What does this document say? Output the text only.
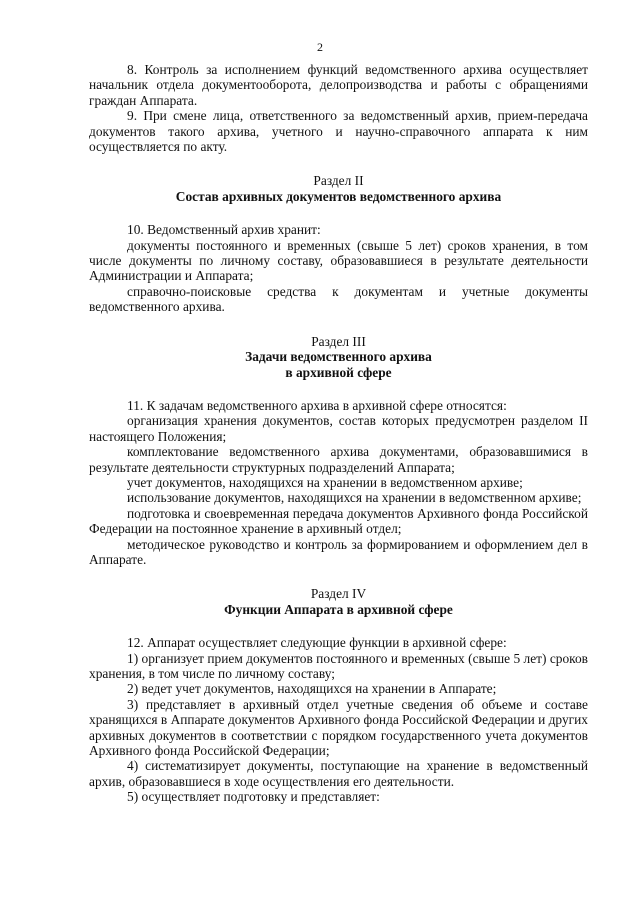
2

8. Контроль за исполнением функций ведомственного архива осуществляет начальник отдела документооборота, делопроизводства и работы с обращениями граждан Аппарата.

9. При смене лица, ответственного за ведомственный архив, прием-передача документов такого архива, учетного и научно-справочного аппарата к ним осуществляется по акту.

Раздел II
Состав архивных документов ведомственного архива

10. Ведомственный архив хранит:

документы постоянного и временных (свыше 5 лет) сроков хранения, в том числе документы по личному составу, образовавшиеся в результате деятельности Администрации и Аппарата;

справочно-поисковые средства к документам и учетные документы ведомственного архива.

Раздел III
Задачи ведомственного архива
в архивной сфере

11. К задачам ведомственного архива в архивной сфере относятся:

организация хранения документов, состав которых предусмотрен разделом II настоящего Положения;

комплектование ведомственного архива документами, образовавшимися в результате деятельности структурных подразделений Аппарата;

учет документов, находящихся на хранении в ведомственном архиве;

использование документов, находящихся на хранении в ведомственном архиве;

подготовка и своевременная передача документов Архивного фонда Российской Федерации на постоянное хранение в архивный отдел;

методическое руководство и контроль за формированием и оформлением дел в Аппарате.

Раздел IV
Функции Аппарата в архивной сфере

12. Аппарат осуществляет следующие функции в архивной сфере:

1) организует прием документов постоянного и временных (свыше 5 лет) сроков хранения, в том числе по личному составу;

2) ведет учет документов, находящихся на хранении в Аппарате;

3) представляет в архивный отдел учетные сведения об объеме и составе хранящихся в Аппарате документов Архивного фонда Российской Федерации и других архивных документов в соответствии с порядком государственного учета документов Архивного фонда Российской Федерации;

4) систематизирует документы, поступающие на хранение в ведомственный архив, образовавшиеся в ходе осуществления его деятельности.

5) осуществляет подготовку и представляет:
